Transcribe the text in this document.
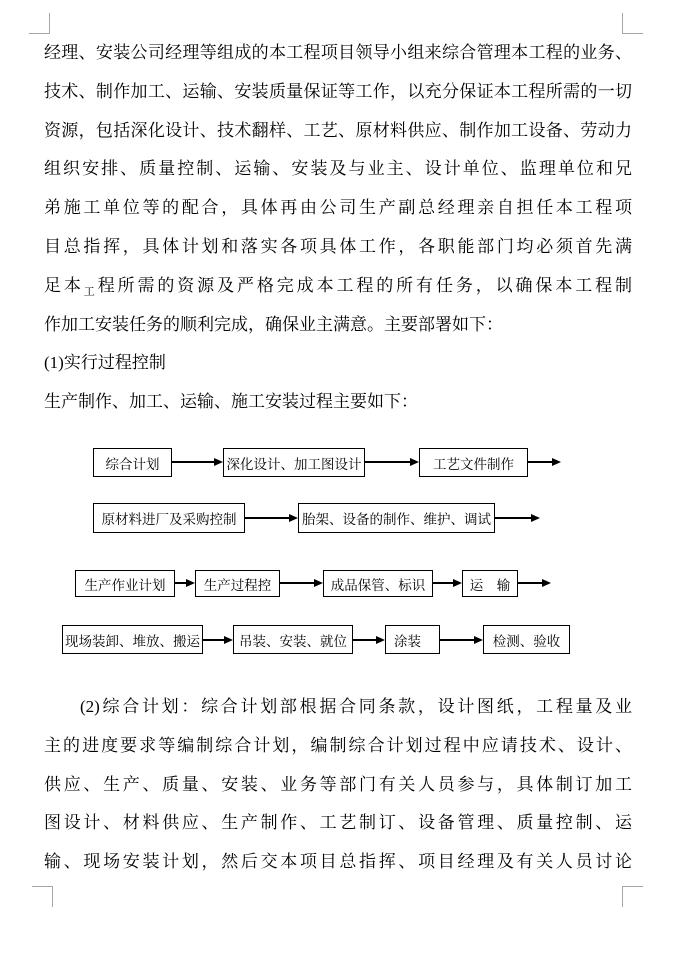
经理、安装公司经理等组成的本工程项目领导小组来综合管理本工程的业务、
技术、制作加工、运输、安装质量保证等工作，以充分保证本工程所需的一切
资源，包括深化设计、技术翻样、工艺、原材料供应、制作加工设备、劳动力
组织安排、质量控制、运输、安装及与业主、设计单位、监理单位和兄
弟施工单位等的配合，具体再由公司生产副总经理亲自担任本工程项
目总指挥，具体计划和落实各项具体工作，各职能部门均必须首先满
足本$_工$程所需的资源及严格完成本工程的所有任务，以确保本工程制
作加工安装任务的顺利完成，确保业主满意。主要部署如下：
(1)实行过程控制
生产制作、加工、运输、施工安装过程主要如下：
综合计划	深化设计、加工图设计	工艺文件制作
原材料进厂及采购控制	胎架、设备的制作、维护、调试
生产作业计划	生产过程控	成品保管、标识	运　输
现场装卸、堆放、搬运	吊装、安装、就位	涂装	检测、验收
(2)综合计划：综合计划部根据合同条款，设计图纸，工程量及业
主的进度要求等编制综合计划，编制综合计划过程中应请技术、设计、
供应、生产、质量、安装、业务等部门有关人员参与，具体制订加工
图设计、材料供应、生产制作、工艺制订、设备管理、质量控制、运
输、现场安装计划，然后交本项目总指挥、项目经理及有关人员讨论
